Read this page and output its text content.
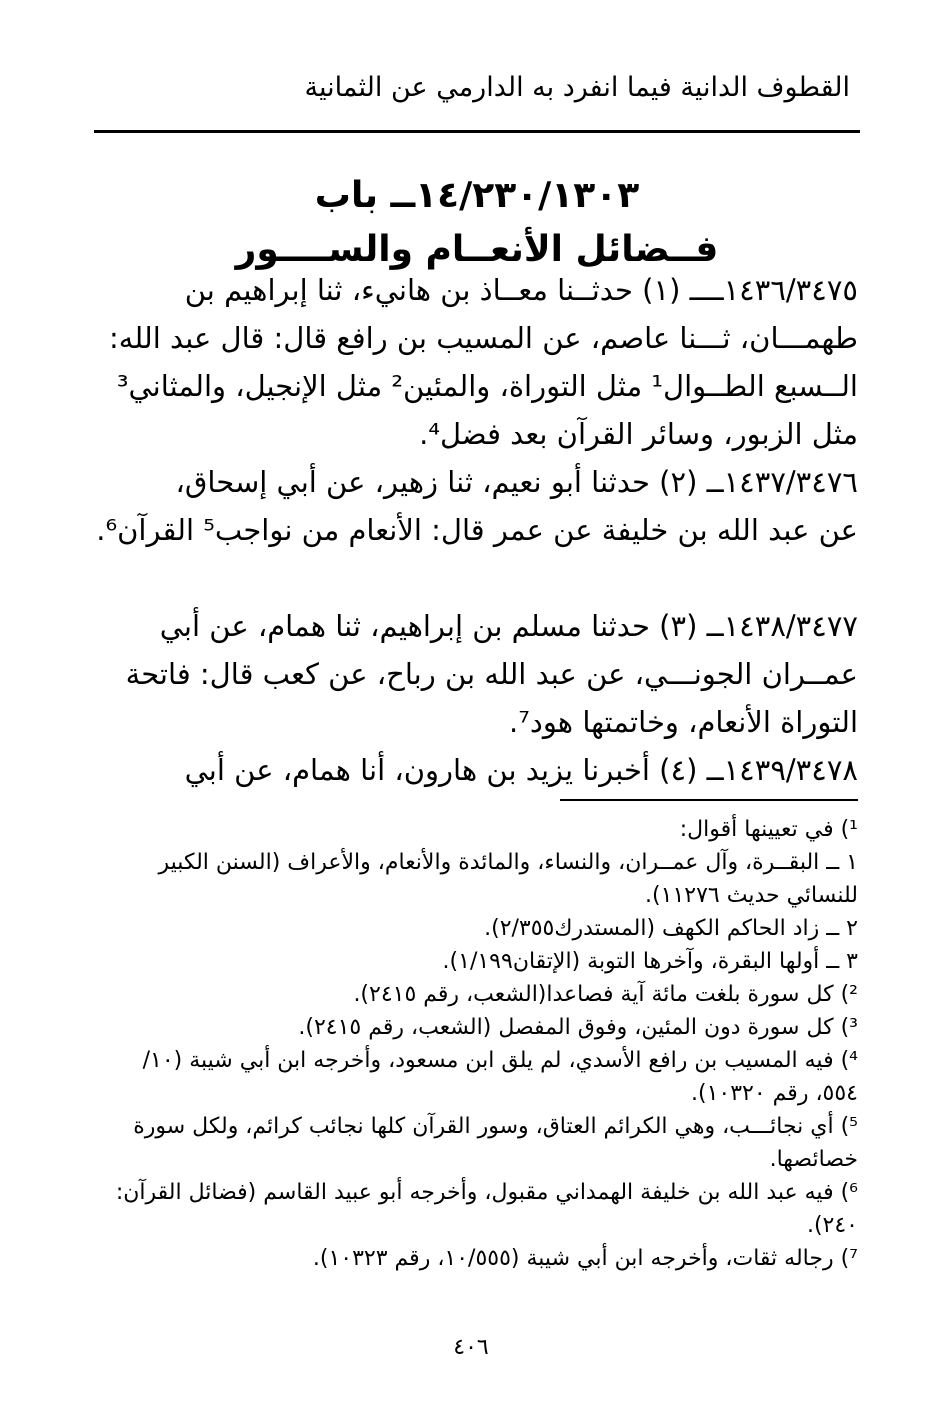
القطوف الدانية فيما انفرد به الدارمي عن الثمانية
١٤/٢٣٠/١٣٠٣ــ باب
فــضائل الأنعــام والســــور

١٤٣٦/٣٤٧٥ــــ (١) حدثــنا معــاذ بن هانيء، ثنا إبراهيم بن
طهمـــان، ثـــنا عاصم، عن المسيب بن رافع قال: قال عبد الله:
الــسبع الطــوال¹ مثل التوراة، والمئين² مثل الإنجيل، والمثاني³
مثل الزبور، وسائر القرآن بعد فضل⁴.

١٤٣٧/٣٤٧٦ــ (٢) حدثنا أبو نعيم، ثنا زهير، عن أبي إسحاق،
عن عبد الله بن خليفة عن عمر قال: الأنعام من نواجب⁵ القرآن⁶.

١٤٣٨/٣٤٧٧ــ (٣) حدثنا مسلم بن إبراهيم، ثنا همام، عن أبي
عمــران الجونـــي، عن عبد الله بن رباح، عن كعب قال: فاتحة
التوراة الأنعام، وخاتمتها هود⁷.

١٤٣٩/٣٤٧٨ــ (٤) أخبرنا يزيد بن هارون، أنا همام، عن أبي

¹) في تعيينها أقوال:
١ ــ البقــرة، وآل عمــران، والنساء، والمائدة والأنعام، والأعراف (السنن الكبير
للنسائي حديث ١١٢٧٦).
٢ ــ زاد الحاكم الكهف (المستدرك٢/٣٥٥).
٣ ــ أولها البقرة، وآخرها التوبة (الإتقان١/١٩٩).
²) كل سورة بلغت مائة آية فصاعدا(الشعب، رقم ٢٤١٥).
³) كل سورة دون المئين، وفوق المفصل (الشعب، رقم ٢٤١٥).
⁴) فيه المسيب بن رافع الأسدي، لم يلق ابن مسعود، وأخرجه ابن أبي شيبة (١٠/
٥٥٤، رقم ١٠٣٢٠).
⁵) أي نجائـــب، وهي الكرائم العتاق، وسور القرآن كلها نجائب كرائم، ولكل سورة
خصائصها.
⁶) فيه عبد الله بن خليفة الهمداني مقبول، وأخرجه أبو عبيد القاسم (فضائل القرآن:
٢٤٠).
⁷) رجاله ثقات، وأخرجه ابن أبي شيبة (١٠/٥٥٥، رقم ١٠٣٢٣).
٤٠٦
